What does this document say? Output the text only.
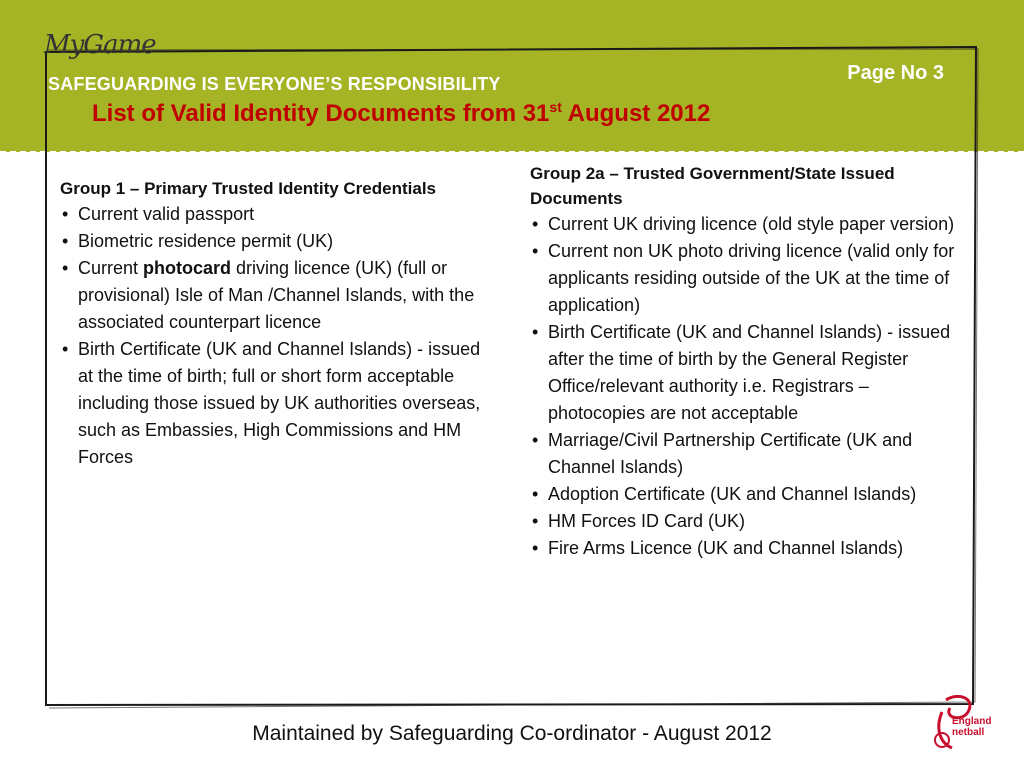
MyGame
SAFEGUARDING IS EVERYONE’S RESPONSIBILITY	Page No 3
List of Valid Identity Documents from 31st August 2012
Group 1 – Primary Trusted Identity Credentials
• Current valid passport
• Biometric residence permit (UK)
• Current photocard driving licence (UK) (full or provisional) Isle of Man /Channel Islands, with the associated counterpart licence
• Birth Certificate (UK and Channel Islands) - issued at the time of birth; full or short form acceptable including those issued by UK authorities overseas, such as Embassies, High Commissions and HM Forces
Group 2a – Trusted Government/State Issued Documents
• Current UK driving licence (old style paper version)
• Current non UK photo driving licence (valid only for applicants residing outside of the UK at the time of application)
• Birth Certificate (UK and Channel Islands) - issued after the time of birth by the General Register Office/relevant authority i.e. Registrars – photocopies are not acceptable
• Marriage/Civil Partnership Certificate (UK and Channel Islands)
• Adoption Certificate (UK and Channel Islands)
• HM Forces ID Card (UK)
• Fire Arms Licence (UK and Channel Islands)
Maintained by Safeguarding Co-ordinator - August 2012
England
netball
